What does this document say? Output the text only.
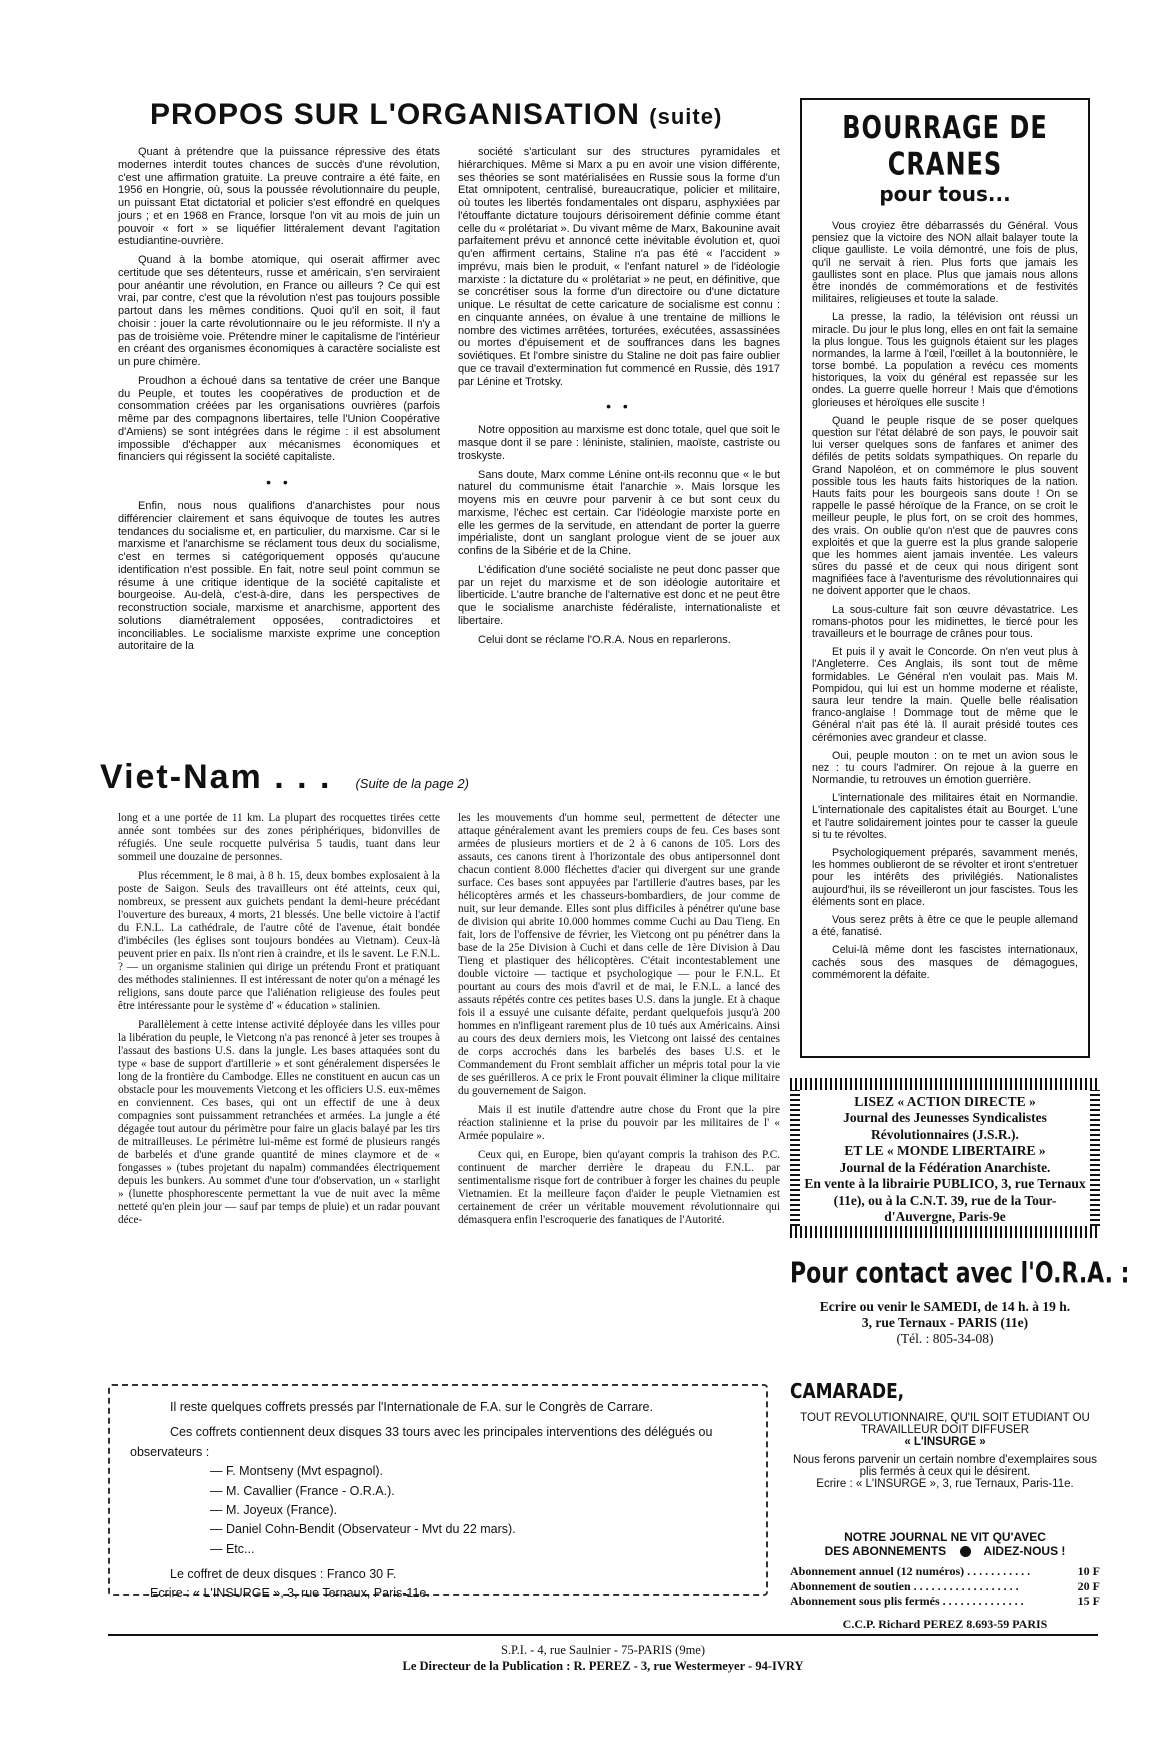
PROPOS SUR L'ORGANISATION (suite)

Quant à prétendre que la puissance répressive des états modernes interdit toutes chances de succès d'une révolution, c'est une affirmation gratuite. La preuve contraire a été faite, en 1956 en Hongrie, où, sous la poussée révolutionnaire du peuple, un puissant Etat dictatorial et policier s'est effondré en quelques jours ; et en 1968 en France, lorsque l'on vit au mois de juin un pouvoir « fort » se liquéfier littéralement devant l'agitation estudiantine-ouvrière.

Quand à la bombe atomique, qui oserait affirmer avec certitude que ses détenteurs, russe et américain, s'en serviraient pour anéantir une révolution, en France ou ailleurs ? Ce qui est vrai, par contre, c'est que la révolution n'est pas toujours possible partout dans les mêmes conditions. Quoi qu'il en soit, il faut choisir : jouer la carte révolutionnaire ou le jeu réformiste. Il n'y a pas de troisième voie. Prétendre miner le capitalisme de l'intérieur en créant des organismes économiques à caractère socialiste est un pure chimère.

Proudhon a échoué dans sa tentative de créer une Banque du Peuple, et toutes les coopératives de production et de consommation créées par les organisations ouvrières (parfois même par des compagnons libertaires, telle l'Union Coopérative d'Amiens) se sont intégrées dans le régime : il est absolument impossible d'échapper aux mécanismes économiques et financiers qui régissent la société capitaliste.

• •

Enfin, nous nous qualifions d'anarchistes pour nous différencier clairement et sans équivoque de toutes les autres tendances du socialisme et, en particulier, du marxisme. Car si le marxisme et l'anarchisme se réclament tous deux du socialisme, c'est en termes si catégoriquement opposés qu'aucune identification n'est possible. En fait, notre seul point commun se résume à une critique identique de la société capitaliste et bourgeoise. Au-delà, c'est-à-dire, dans les perspectives de reconstruction sociale, marxisme et anarchisme, apportent des solutions diamétralement opposées, contradictoires et inconciliables. Le socialisme marxiste exprime une conception autoritaire de la

société s'articulant sur des structures pyramidales et hiérarchiques. Même si Marx a pu en avoir une vision différente, ses théories se sont matérialisées en Russie sous la forme d'un Etat omnipotent, centralisé, bureaucratique, policier et militaire, où toutes les libertés fondamentales ont disparu, asphyxiées par l'étouffante dictature toujours dérisoirement définie comme étant celle du « prolétariat ». Du vivant même de Marx, Bakounine avait parfaitement prévu et annoncé cette inévitable évolution et, quoi qu'en affirment certains, Staline n'a pas été « l'accident » imprévu, mais bien le produit, « l'enfant naturel » de l'idéologie marxiste : la dictature du « prolétariat » ne peut, en définitive, que se concrétiser sous la forme d'un directoire ou d'une dictature unique. Le résultat de cette caricature de socialisme est connu : en cinquante années, on évalue à une trentaine de millions le nombre des victimes arrêtées, torturées, exécutées, assassinées ou mortes d'épuisement et de souffrances dans les bagnes soviétiques. Et l'ombre sinistre du Staline ne doit pas faire oublier que ce travail d'extermination fut commencé en Russie, dès 1917 par Lénine et Trotsky.

• •

Notre opposition au marxisme est donc totale, quel que soit le masque dont il se pare : léniniste, stalinien, maoïste, castriste ou troskyste.

Sans doute, Marx comme Lénine ont-ils reconnu que « le but naturel du communisme était l'anarchie ». Mais lorsque les moyens mis en œuvre pour parvenir à ce but sont ceux du marxisme, l'échec est certain. Car l'idéologie marxiste porte en elle les germes de la servitude, en attendant de porter la guerre impérialiste, dont un sanglant prologue vient de se jouer aux confins de la Sibérie et de la Chine.

L'édification d'une société socialiste ne peut donc passer que par un rejet du marxisme et de son idéologie autoritaire et liberticide. L'autre branche de l'alternative est donc et ne peut être que le socialisme anarchiste fédéraliste, internationaliste et libertaire.

Celui dont se réclame l'O.R.A. Nous en reparlerons.

Viet-Nam . . . (Suite de la page 2)

long et a une portée de 11 km. La plupart des rocquettes tirées cette année sont tombées sur des zones périphériques, bidonvilles de réfugiés. Une seule rocquette pulvérisa 5 taudis, tuant dans leur sommeil une douzaine de personnes.

Plus récemment, le 8 mai, à 8 h. 15, deux bombes explosaient à la poste de Saigon. Seuls des travailleurs ont été atteints, ceux qui, nombreux, se pressent aux guichets pendant la demi-heure précédant l'ouverture des bureaux, 4 morts, 21 blessés. Une belle victoire à l'actif du F.N.L. La cathédrale, de l'autre côté de l'avenue, était bondée d'imbéciles (les églises sont toujours bondées au Vietnam). Ceux-là peuvent prier en paix. Ils n'ont rien à craindre, et ils le savent. Le F.N.L. ? — un organisme stalinien qui dirige un prétendu Front et pratiquant des méthodes staliniennes. Il est intéressant de noter qu'on a ménagé les religions, sans doute parce que l'aliénation religieuse des foules peut être intéressante pour le système d' « éducation » stalinien.

Parallèlement à cette intense activité déployée dans les villes pour la libération du peuple, le Vietcong n'a pas renoncé à jeter ses troupes à l'assaut des bastions U.S. dans la jungle. Les bases attaquées sont du type « base de support d'artillerie » et sont généralement dispersées le long de la frontière du Cambodge. Elles ne constituent en aucun cas un obstacle pour les mouvements Vietcong et les officiers U.S. eux-mêmes en conviennent. Ces bases, qui ont un effectif de une à deux compagnies sont puissamment retranchées et armées. La jungle a été dégagée tout autour du périmètre pour faire un glacis balayé par les tirs de mitrailleuses. Le périmètre lui-même est formé de plusieurs rangés de barbelés et d'une grande quantité de mines claymore et de « fongasses » (tubes projetant du napalm) commandées électriquement depuis les bunkers. Au sommet d'une tour d'observation, un « starlight » (lunette phosphorescente permettant la vue de nuit avec la même netteté qu'en plein jour — sauf par temps de pluie) et un radar pouvant déce-

les les mouvements d'un homme seul, permettent de détecter une attaque généralement avant les premiers coups de feu. Ces bases sont armées de plusieurs mortiers et de 2 à 6 canons de 105. Lors des assauts, ces canons tirent à l'horizontale des obus antipersonnel dont chacun contient 8.000 fléchettes d'acier qui divergent sur une grande surface. Ces bases sont appuyées par l'artillerie d'autres bases, par les hélicoptères armés et les chasseurs-bombardiers, de jour comme de nuit, sur leur demande. Elles sont plus difficiles à pénétrer qu'une base de division qui abrite 10.000 hommes comme Cuchi au Dau Tieng. En fait, lors de l'offensive de février, les Vietcong ont pu pénétrer dans la base de la 25e Division à Cuchi et dans celle de 1ère Division à Dau Tieng et plastiquer des hélicoptères. C'était incontestablement une double victoire — tactique et psychologique — pour le F.N.L. Et pourtant au cours des mois d'avril et de mai, le F.N.L. a lancé des assauts répétés contre ces petites bases U.S. dans la jungle. Et à chaque fois il a essuyé une cuisante défaite, perdant quelquefois jusqu'à 200 hommes en n'infligeant rarement plus de 10 tués aux Américains. Ainsi au cours des deux derniers mois, les Vietcong ont laissé des centaines de corps accrochés dans les barbelés des bases U.S. et le Commandement du Front semblait afficher un mépris total pour la vie de ses guérilleros. A ce prix le Front pouvait éliminer la clique militaire du gouvernement de Saigon.

Mais il est inutile d'attendre autre chose du Front que la pire réaction stalinienne et la prise du pouvoir par les militaires de l' « Armée populaire ».

Ceux qui, en Europe, bien qu'ayant compris la trahison des P.C. continuent de marcher derrière le drapeau du F.N.L. par sentimentalisme risque fort de contribuer à forger les chaines du peuple Vietnamien. Et la meilleure façon d'aider le peuple Vietnamien est certainement de créer un véritable mouvement révolutionnaire qui démasquera enfin l'escroquerie des fanatiques de l'Autorité.

Il reste quelques coffrets pressés par l'Internationale de F.A. sur le Congrès de Carrare.
Ces coffrets contiennent deux disques 33 tours avec les principales interventions des délégués ou observateurs :
— F. Montseny (Mvt espagnol).
— M. Cavallier (France - O.R.A.).
— M. Joyeux (France).
— Daniel Cohn-Bendit (Observateur - Mvt du 22 mars).
— Etc...
Le coffret de deux disques : Franco 30 F.
Ecrire : « L'INSURGE », 3, rue Ternaux, Paris-11e.
BOURRAGE DE CRANES
pour tous...

Vous croyiez être débarrassés du Général. Vous pensiez que la victoire des NON allait balayer toute la clique gaulliste. Le voila démontré, une fois de plus, qu'il ne servait à rien. Plus forts que jamais les gaullistes sont en place. Plus que jamais nous allons être inondés de commémorations et de festivités militaires, religieuses et toute la salade.

La presse, la radio, la télévision ont réussi un miracle. Du jour le plus long, elles en ont fait la semaine la plus longue. Tous les guignols étaient sur les plages normandes, la larme à l'œil, l'œillet à la boutonnière, le torse bombé. La population a revécu ces moments historiques, la voix du général est repassée sur les ondes. La guerre quelle horreur ! Mais que d'émotions glorieuses et héroïques elle suscite !

Quand le peuple risque de se poser quelques question sur l'état délabré de son pays, le pouvoir sait lui verser quelques sons de fanfares et animer des défilés de petits soldats sympathiques. On reparle du Grand Napoléon, et on commémore le plus souvent possible tous les hauts faits historiques de la nation. Hauts faits pour les bourgeois sans doute ! On se rappelle le passé héroïque de la France, on se croit le meilleur peuple, le plus fort, on se croit des hommes, des vrais. On oublie qu'on n'est que de pauvres cons exploités et que la guerre est la plus grande saloperie que les hommes aient jamais inventée. Les valeurs sûres du passé et de ceux qui nous dirigent sont magnifiées face à l'aventurisme des révolutionnaires qui ne doivent apporter que le chaos.

La sous-culture fait son œuvre dévastatrice. Les romans-photos pour les midinettes, le tiercé pour les travailleurs et le bourrage de crânes pour tous.

Et puis il y avait le Concorde. On n'en veut plus à l'Angleterre. Ces Anglais, ils sont tout de même formidables. Le Général n'en voulait pas. Mais M. Pompidou, qui lui est un homme moderne et réaliste, saura leur tendre la main. Quelle belle réalisation franco-anglaise ! Dommage tout de même que le Général n'ait pas été là. Il aurait présidé toutes ces cérémonies avec grandeur et classe.

Oui, peuple mouton : on te met un avion sous le nez : tu cours l'admirer. On rejoue à la guerre en Normandie, tu retrouves un émotion guerrière.

L'internationale des militaires était en Normandie. L'internationale des capitalistes était au Bourget. L'une et l'autre solidairement jointes pour te casser la gueule si tu te révoltes.

Psychologiquement préparés, savamment menés, les hommes oublieront de se révolter et iront s'entretuer pour les intérêts des privilégiés. Nationalistes aujourd'hui, ils se réveilleront un jour fascistes. Tous les éléments sont en place.

Vous serez prêts à être ce que le peuple allemand a été, fanatisé.

Celui-là même dont les fascistes internationaux, cachés sous des masques de démagogues, commémorent la défaite.

LISEZ « ACTION DIRECTE »
Journal des Jeunesses Syndicalistes Révolutionnaires (J.S.R.).
ET LE « MONDE LIBERTAIRE »
Journal de la Fédération Anarchiste.
En vente à la librairie PUBLICO, 3, rue Ternaux (11e), ou à la C.N.T. 39, rue de la Tour-d'Auvergne, Paris-9e
Pour contact avec l'O.R.A. :
Ecrire ou venir le SAMEDI, de 14 h. à 19 h.
3, rue Ternaux - PARIS (11e)
(Tél. : 805-34-08)
CAMARADE,
TOUT REVOLUTIONNAIRE, QU'IL SOIT ETUDIANT OU TRAVAILLEUR DOIT DIFFUSER
« L'INSURGE »
Nous ferons parvenir un certain nombre d'exemplaires sous plis fermés à ceux qui le désirent.
Ecrire : « L'INSURGE », 3, rue Ternaux, Paris-11e.
NOTRE JOURNAL NE VIT QU'AVEC
DES ABONNEMENTS	AIDEZ-NOUS !
Abonnement annuel (12 numéros) . . . . . . . . . . .	10 F
Abonnement de soutien . . . . . . . . . . . . . . . . . .	20 F
Abonnement sous plis fermés . . . . . . . . . . . . . .	15 F
C.C.P. Richard PEREZ 8.693-59 PARIS
S.P.I. - 4, rue Saulnier - 75-PARIS (9me)
Le Directeur de la Publication : R. PEREZ - 3, rue Westermeyer - 94-IVRY
